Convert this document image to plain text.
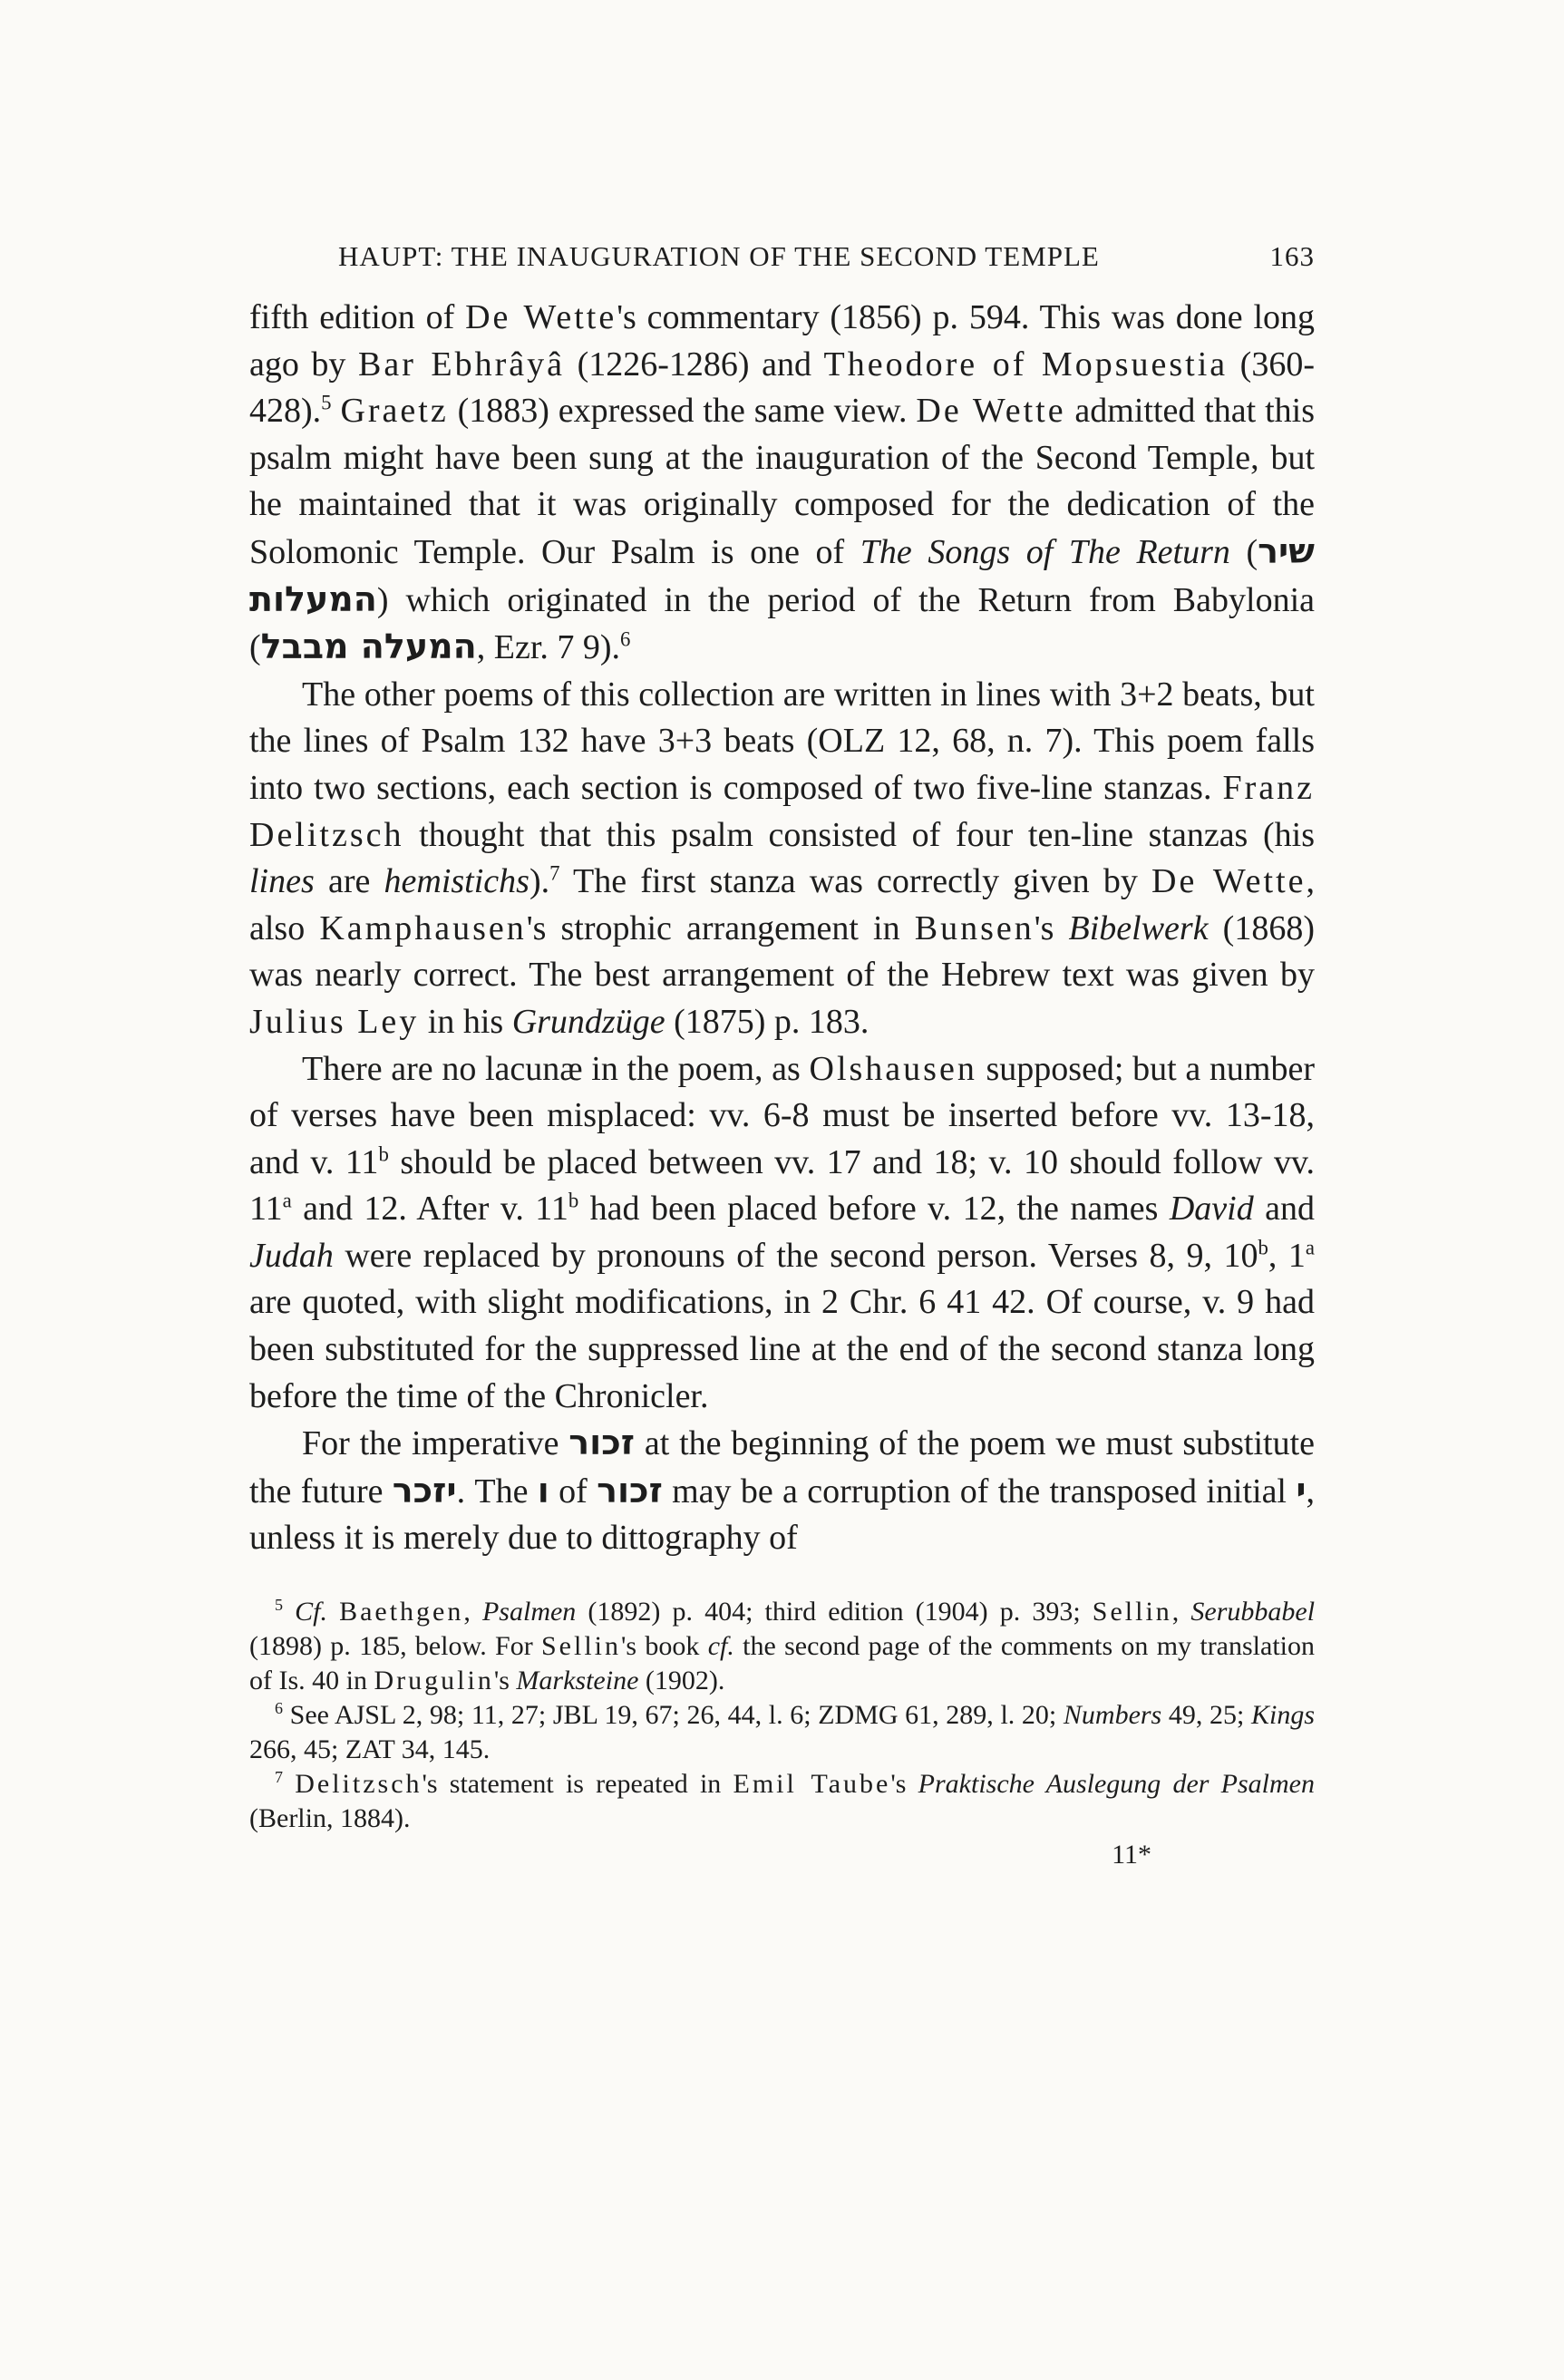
HAUPT: THE INAUGURATION OF THE SECOND TEMPLE	163

fifth edition of De Wette's commentary (1856) p. 594. This was done long ago by Bar Ebhrâyâ (1226-1286) and Theodore of Mopsuestia (360-428).$^5$ Graetz (1883) expressed the same view. De Wette admitted that this psalm might have been sung at the inauguration of the Second Temple, but he maintained that it was originally composed for the dedication of the Solomonic Temple. Our Psalm is one of The Songs of The Return (שיר המעלות) which originated in the period of the Return from Babylonia (המעלה מבבל, Ezr. 7 9).$^6$

The other poems of this collection are written in lines with 3+2 beats, but the lines of Psalm 132 have 3+3 beats (OLZ 12, 68, n. 7). This poem falls into two sections, each section is composed of two five-line stanzas. Franz Delitzsch thought that this psalm consisted of four ten-line stanzas (his lines are hemistichs).$^7$ The first stanza was correctly given by De Wette, also Kamphausen's strophic arrangement in Bunsen's Bibelwerk (1868) was nearly correct. The best arrangement of the Hebrew text was given by Julius Ley in his Grundzüge (1875) p. 183.

There are no lacunæ in the poem, as Olshausen supposed; but a number of verses have been misplaced: vv. 6-8 must be inserted before vv. 13-18, and v. 11$^b$ should be placed between vv. 17 and 18; v. 10 should follow vv. 11$^a$ and 12. After v. 11$^b$ had been placed before v. 12, the names David and Judah were replaced by pronouns of the second person. Verses 8, 9, 10$^b$, 1$^a$ are quoted, with slight modifications, in 2 Chr. 6 41 42. Of course, v. 9 had been substituted for the suppressed line at the end of the second stanza long before the time of the Chronicler.

For the imperative זכור at the beginning of the poem we must substitute the future יזכר. The ו of זכור may be a corruption of the transposed initial י, unless it is merely due to dittography of

$^5$ Cf. Baethgen, Psalmen (1892) p. 404; third edition (1904) p. 393; Sellin, Serubbabel (1898) p. 185, below. For Sellin's book cf. the second page of the comments on my translation of Is. 40 in Drugulin's Marksteine (1902).

$^6$ See AJSL 2, 98; 11, 27; JBL 19, 67; 26, 44, l. 6; ZDMG 61, 289, l. 20; Numbers 49, 25; Kings 266, 45; ZAT 34, 145.

$^7$ Delitzsch's statement is repeated in Emil Taube's Praktische Auslegung der Psalmen (Berlin, 1884).

11*
